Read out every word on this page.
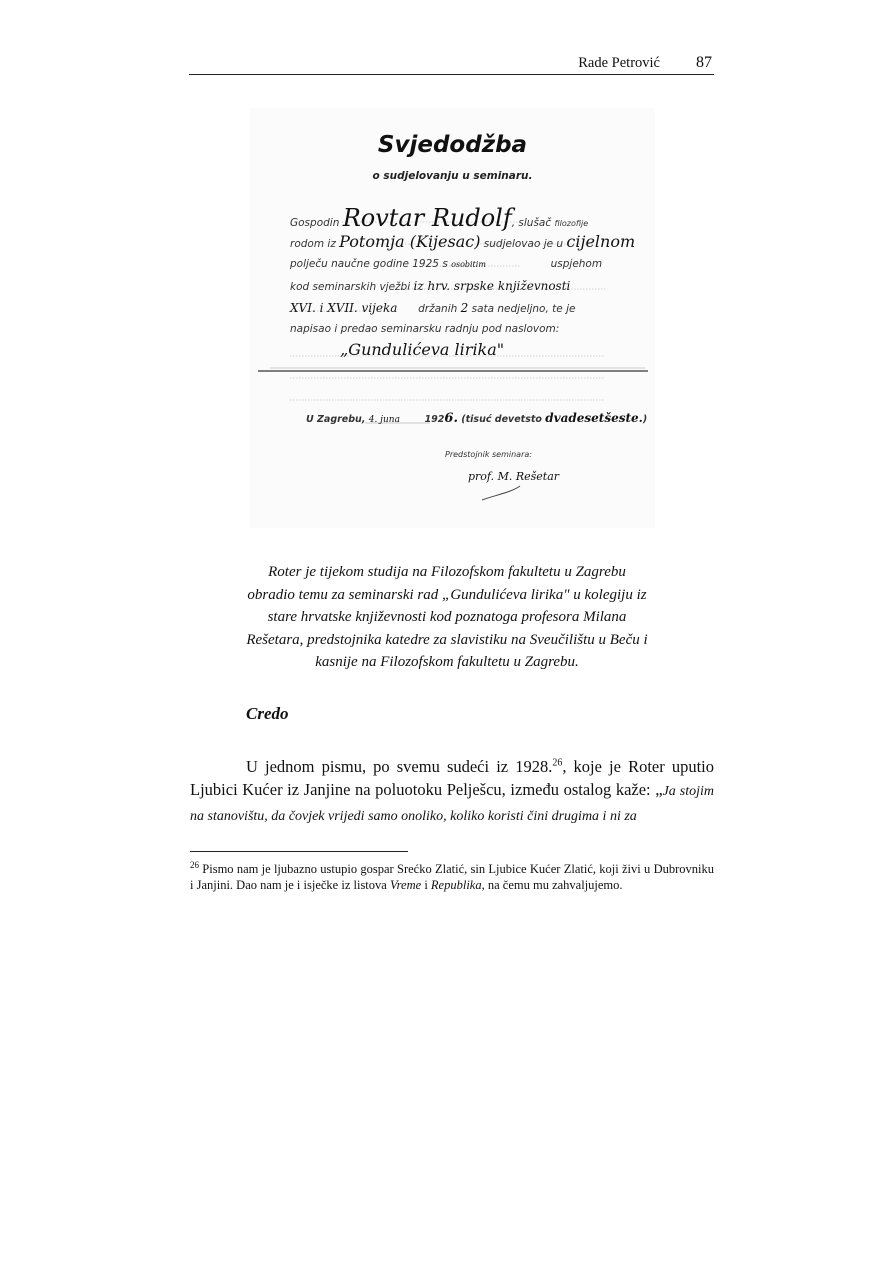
Rade Petrović 87
Svjedodžba
o sudjelovanju u seminaru.
Gospodin Rovtar Rudolf, slušač filozofije
rodom iz Potomja (Kijesac) sudjelovao je u cijelnom
polječu naučne godine 1925 s osobitim	uspjehom
kod seminarskih vježbi iz hrv. srpske književnosti
XVI. i XVII. vijeka držanih 2 sata nedjeljno, te je
napisao i predao seminarsku radnju pod naslovom:
„Gundulićeva lirika"
U Zagrebu, 4. juna	1926. (tisuć devetsto dvadesetšeste.)
Predstojnik seminara:
prof. M. Rešetar
Roter je tijekom studija na Filozofskom fakultetu u Zagrebu
obradio temu za seminarski rad „Gundulićeva lirika" u kolegiju iz
stare hrvatske književnosti kod poznatoga profesora Milana
Rešetara, predstojnika katedre za slavistiku na Sveučilištu u Beču i
kasnije na Filozofskom fakultetu u Zagrebu.
Credo

U jednom pismu, po svemu sudeći iz 1928.26, koje je Roter uputio Ljubici Kućer iz Janjine na poluotoku Pelješcu, između ostalog kaže: „Ja stojim na stanovištu, da čovjek vrijedi samo onoliko, koliko koristi čini drugima i ni za

$^{26}$ Pismo nam je ljubazno ustupio gospar Srećko Zlatić, sin Ljubice Kućer Zlatić, koji živi u Dubrovniku i Janjini. Dao nam je i isječke iz listova Vreme i Republika, na čemu mu zahvaljujemo.
